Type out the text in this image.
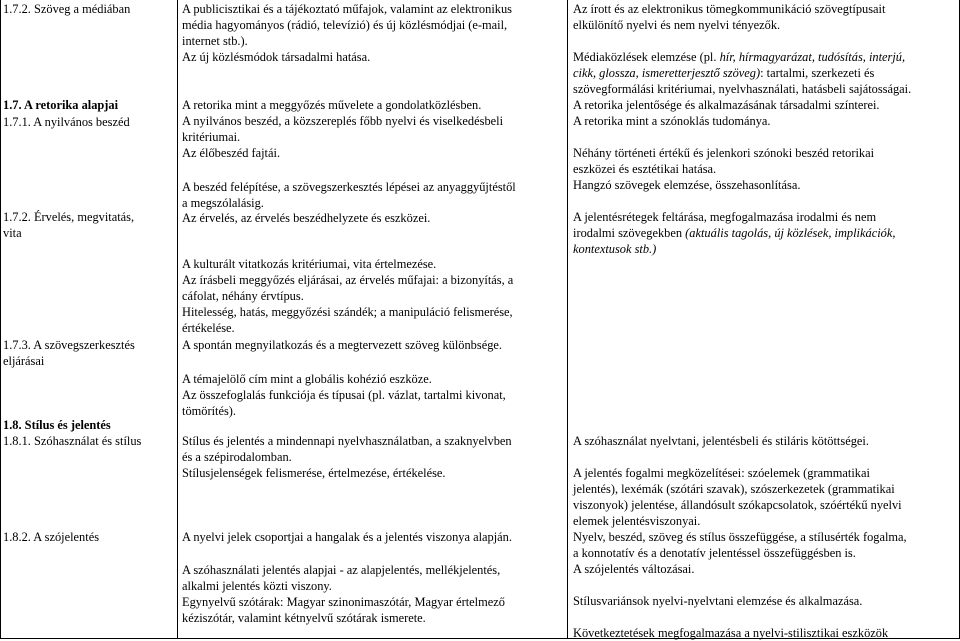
1.7.2. Szöveg a médiában
1.7. A retorika alapjai
1.7.1. A nyilvános beszéd
1.7.2. Érvelés, megvitatás,
vita
1.7.3. A szövegszerkesztés
eljárásai
1.8. Stílus és jelentés
1.8.1. Szóhasználat és stílus
1.8.2. A szójelentés
A publicisztikai és a tájékoztató műfajok, valamint az elektronikus
média hagyományos (rádió, televízió) és új közlésmódjai (e-mail,
internet stb.).
Az új közlésmódok társadalmi hatása.
A retorika mint a meggyőzés művelete a gondolatközlésben.
A nyilvános beszéd, a közszereplés főbb nyelvi és viselkedésbeli
kritériumai.
Az élőbeszéd fajtái.
A beszéd felépítése, a szövegszerkesztés lépései az anyaggyűjtéstől
a megszólalásig.
Az érvelés, az érvelés beszédhelyzete és eszközei.
A kulturált vitatkozás kritériumai, vita értelmezése.
Az írásbeli meggyőzés eljárásai, az érvelés műfajai: a bizonyítás, a
cáfolat, néhány érvtípus.
Hitelesség, hatás, meggyőzési szándék; a manipuláció felismerése,
értékelése.
A spontán megnyilatkozás és a megtervezett szöveg különbsége.
A témajelölő cím mint a globális kohézió eszköze.
Az összefoglalás funkciója és típusai (pl. vázlat, tartalmi kivonat,
tömörítés).
Stílus és jelentés a mindennapi nyelvhasználatban, a szaknyelvben
és a szépirodalomban.
Stílusjelenségek felismerése, értelmezése, értékelése.
A nyelvi jelek csoportjai a hangalak és a jelentés viszonya alapján.
A szóhasználati jelentés alapjai - az alapjelentés, mellékjelentés,
alkalmi jelentés közti viszony.
Egynyelvű szótárak: Magyar szinonimaszótár, Magyar értelmező
kéziszótár, valamint kétnyelvű szótárak ismerete.
Az írott és az elektronikus tömegkommunikáció szövegtípusait
elkülönítő nyelvi és nem nyelvi tényezők.
Médiaközlések elemzése (pl. hír, hírmagyarázat, tudósítás, interjú,
cikk, glossza, ismeretterjesztő szöveg): tartalmi, szerkezeti és
szövegformálási kritériumai, nyelvhasználati, hatásbeli sajátosságai.
A retorika jelentősége és alkalmazásának társadalmi színterei.
A retorika mint a szónoklás tudománya.
Néhány történeti értékű és jelenkori szónoki beszéd retorikai
eszközei és esztétikai hatása.
Hangzó szövegek elemzése, összehasonlítása.
A jelentésrétegek feltárása, megfogalmazása irodalmi és nem
irodalmi szövegekben (aktuális tagolás, új közlések, implikációk,
kontextusok stb.)
A szóhasználat nyelvtani, jelentésbeli és stiláris kötöttségei.
A jelentés fogalmi megközelítései: szóelemek (grammatikai
jelentés), lexémák (szótári szavak), szószerkezetek (grammatikai
viszonyok) jelentése, állandósult szókapcsolatok, szóértékű nyelvi
elemek jelentésviszonyai.
Nyelv, beszéd, szöveg és stílus összefüggése, a stílusérték fogalma,
a konnotatív és a denotatív jelentéssel összefüggésben is.
A szójelentés változásai.
Stílusvariánsok nyelvi-nyelvtani elemzése és alkalmazása.
Következtetések megfogalmazása a nyelvi-stilisztikai eszközök
